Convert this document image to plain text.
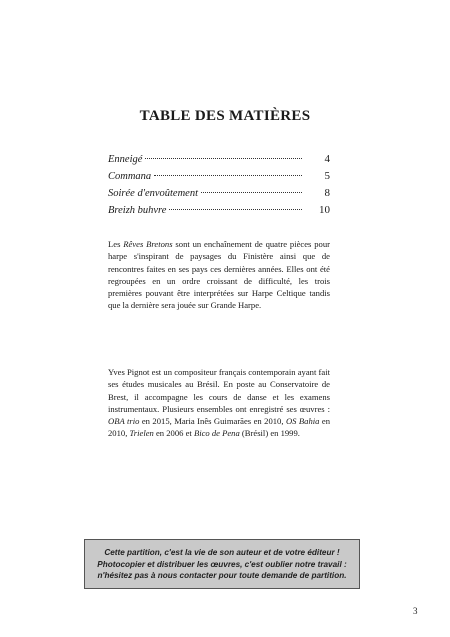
TABLE DES MATIÈRES
Enneigé	4
Commana	5
Soirée d'envoûtement	8
Breizh buhvre	10
Les Rêves Bretons sont un enchaînement de quatre pièces pour harpe s'inspirant de paysages du Finistère ainsi que de rencontres faites en ses pays ces dernières années. Elles ont été regroupées en un ordre croissant de difficulté, les trois premières pouvant être interprétées sur Harpe Celtique tandis que la dernière sera jouée sur Grande Harpe.
Yves Pignot est un compositeur français contemporain ayant fait ses études musicales au Brésil. En poste au Conservatoire de Brest, il accompagne les cours de danse et les examens instrumentaux. Plusieurs ensembles ont enregistré ses œuvres : OBA trio en 2015, Maria Inês Guimarães en 2010, OS Bahia en 2010, Trielen en 2006 et Bico de Pena (Brésil) en 1999.
Cette partition, c'est la vie de son auteur et de votre éditeur !
Photocopier et distribuer les œuvres, c'est oublier notre travail :
n'hésitez pas à nous contacter pour toute demande de partition.
3
